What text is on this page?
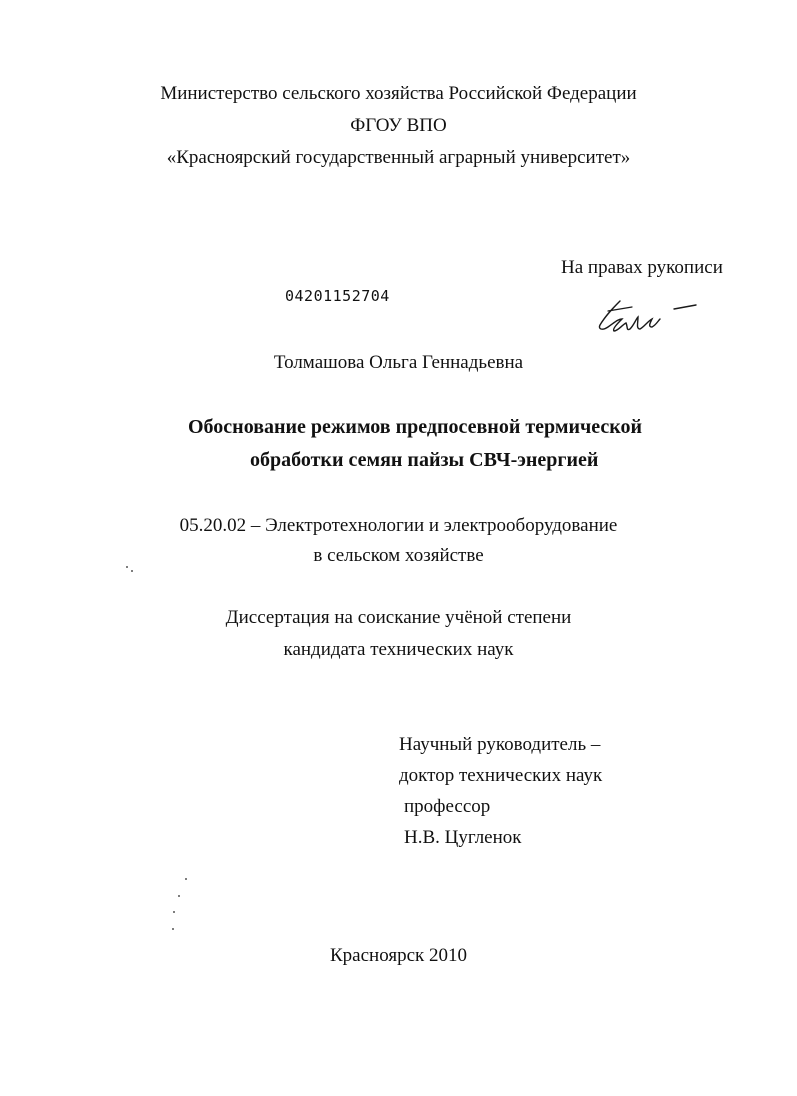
Министерство сельского хозяйства Российской Федерации
ФГОУ ВПО
«Красноярский государственный аграрный университет»
На правах рукописи
04201152704
Толмашова Ольга Геннадьевна
Обоснование режимов предпосевной термической
обработки семян пайзы СВЧ-энергией
05.20.02 – Электротехнологии и электрооборудование
в сельском хозяйстве
Диссертация на соискание учёной степени
кандидата технических наук
Научный руководитель –
доктор технических наук
профессор
Н.В. Цугленок
Красноярск 2010
